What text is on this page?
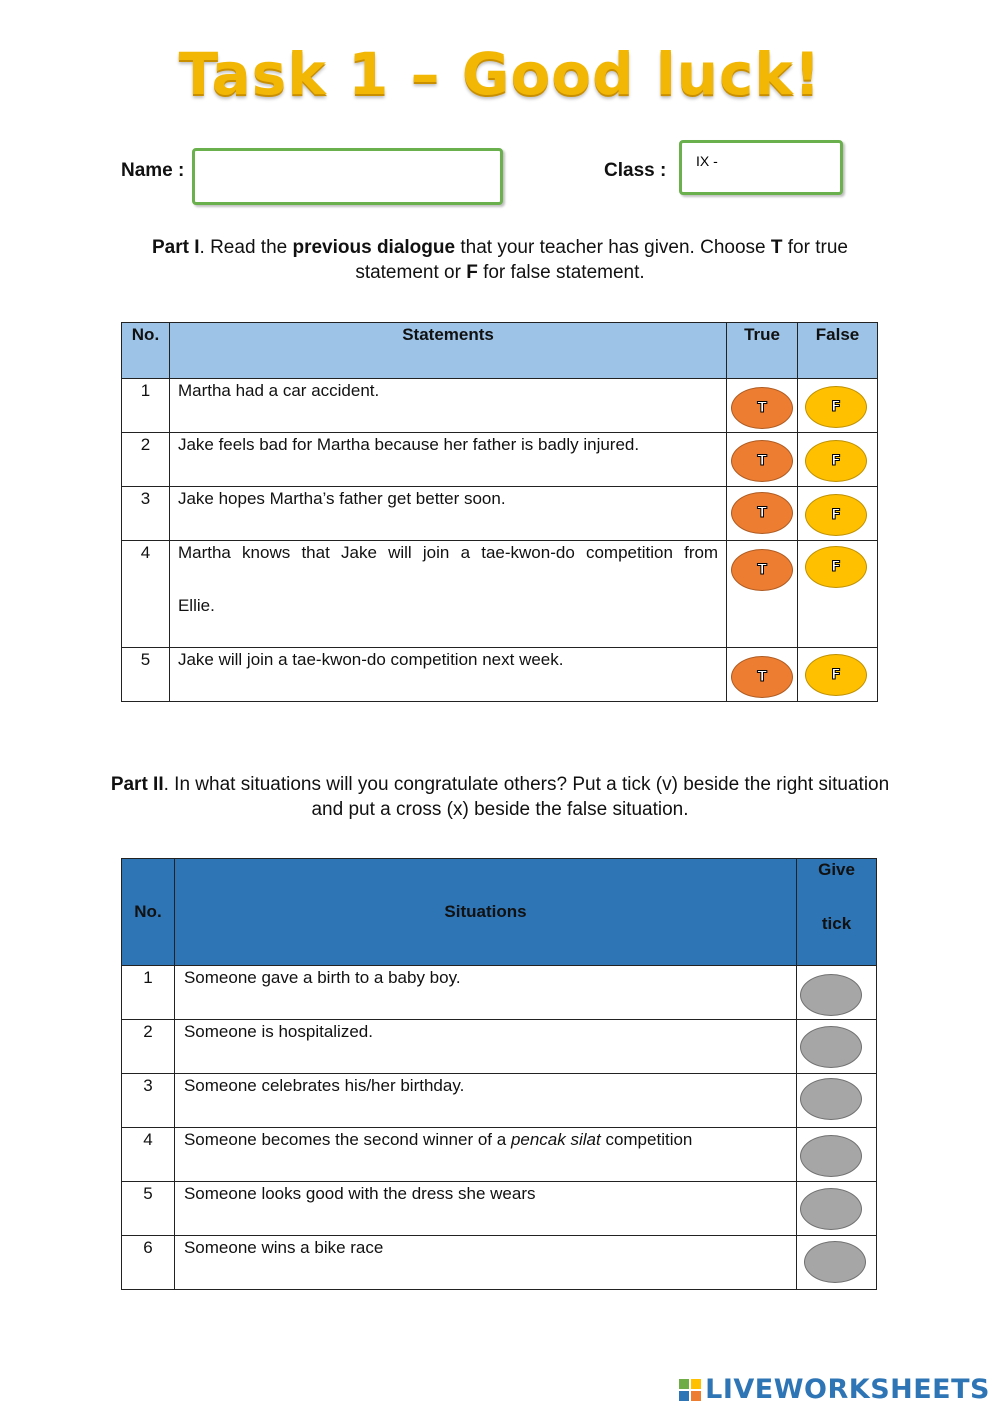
Task 1 – Good luck!
Name :	Class :
IX -
Part I. Read the previous dialogue that your teacher has given. Choose T for true statement or F for false statement.
No.	Statements	True	False
1	Martha had a car accident.	T	F

2	Jake feels bad for Martha because her father is badly injured.	T	F

3	Jake hopes Martha’s father get better soon.	T	F

4	Martha knows that Jake will join a tae-kwon-do competition from
Ellie.	T	F

5	Jake will join a tae-kwon-do competition next week.	T	F
Part II. In what situations will you congratulate others? Put a tick (v) beside the right situation and put a cross (x) beside the false situation.
No.	Situations	Give
tick

1	Someone gave a birth to a baby boy.	

2	Someone is hospitalized.	

3	Someone celebrates his/her birthday.	

4	Someone becomes the second winner of a pencak silat competition	

5	Someone looks good with the dress she wears	

6	Someone wins a bike race	
LIVEWORKSHEETS
